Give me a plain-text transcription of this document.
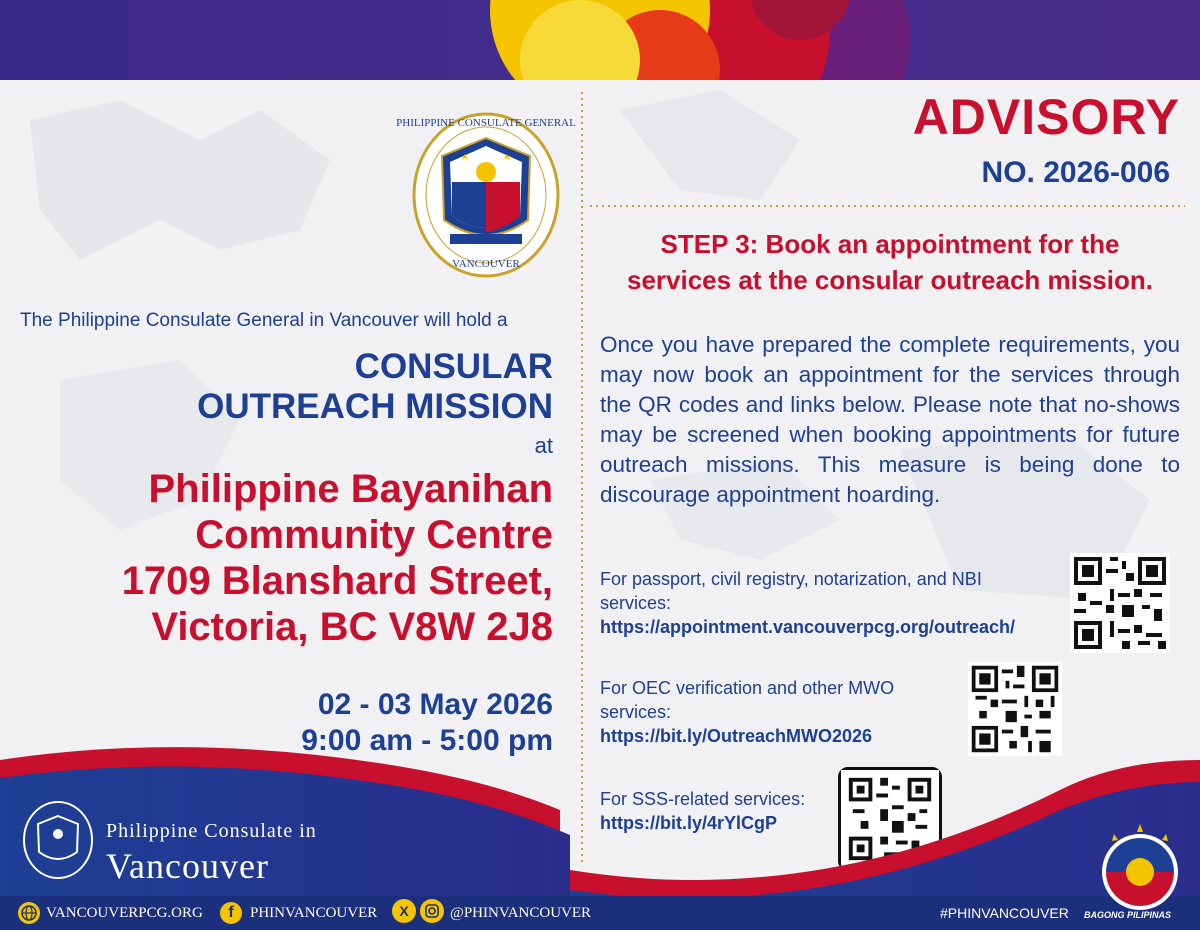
PHILIPPINE CONSULATE GENERAL
VANCOUVER
The Philippine Consulate General in Vancouver will hold a
CONSULAR
OUTREACH MISSION
at
Philippine Bayanihan
Community Centre
1709 Blanshard Street,
Victoria, BC V8W 2J8
02 - 03 May 2026
9:00 am - 5:00 pm
ADVISORY
NO. 2026-006
STEP 3: Book an appointment for the
services at the consular outreach mission.
Once you have prepared the complete requirements, you may now book an appointment for the services through the QR codes and links below. Please note that no-shows may be screened when booking appointments for future outreach missions. This measure is being done to discourage appointment hoarding.
For passport, civil registry, notarization, and NBI
services:
https://appointment.vancouverpcg.org/outreach/
For OEC verification and other MWO
services:
https://bit.ly/OutreachMWO2026
For SSS-related services:
https://bit.ly/4rYlCgP
Philippine Consulate in
Vancouver
VANCOUVERPCG.ORG	f	PHINVANCOUVER	X	@PHINVANCOUVER	#PHINVANCOUVER BAGONG PILIPINAS
